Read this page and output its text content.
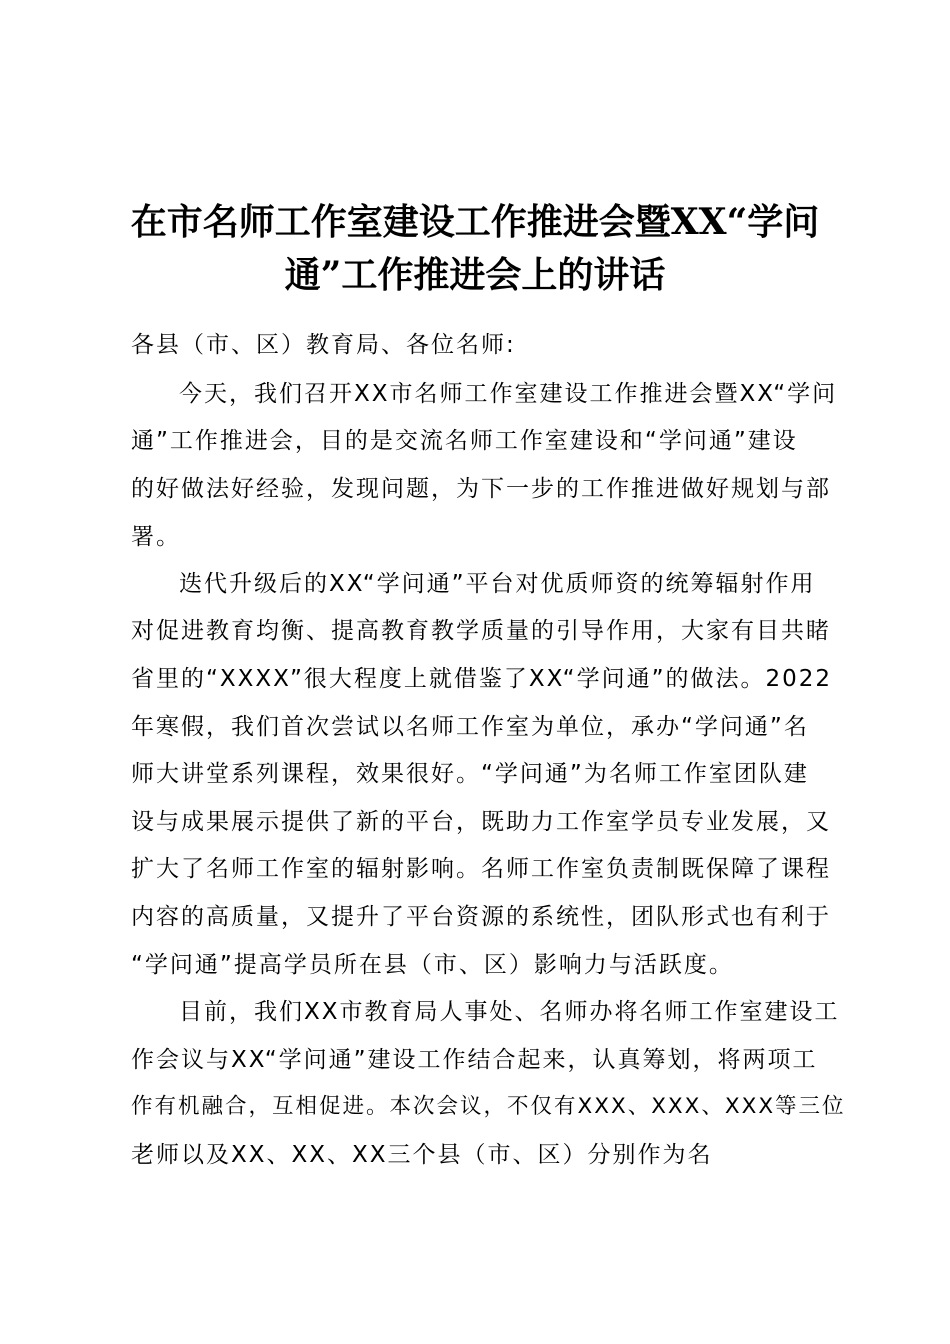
在市名师工作室建设工作推进会暨XX“学问
通”工作推进会上的讲话
各县（市、区）教育局、各位名师:
今天，我们召开XX市名师工作室建设工作推进会暨XX“学问
通”工作推进会，目的是交流名师工作室建设和“学问通”建设
的好做法好经验，发现问题，为下一步的工作推进做好规划与部
署。
迭代升级后的XX“学问通”平台对优质师资的统筹辐射作用
对促进教育均衡、提高教育教学质量的引导作用，大家有目共睹
省里的“XXXX”很大程度上就借鉴了XX“学问通”的做法。2022
年寒假，我们首次尝试以名师工作室为单位，承办“学问通”名
师大讲堂系列课程，效果很好。“学问通”为名师工作室团队建
设与成果展示提供了新的平台，既助力工作室学员专业发展，又
扩大了名师工作室的辐射影响。名师工作室负责制既保障了课程
内容的高质量，又提升了平台资源的系统性，团队形式也有利于
“学问通”提高学员所在县（市、区）影响力与活跃度。
目前，我们XX市教育局人事处、名师办将名师工作室建设工
作会议与XX“学问通”建设工作结合起来，认真筹划，将两项工
作有机融合，互相促进。本次会议，不仅有XXX、XXX、XXX等三位
老师以及XX、XX、XX三个县（市、区）分别作为名
